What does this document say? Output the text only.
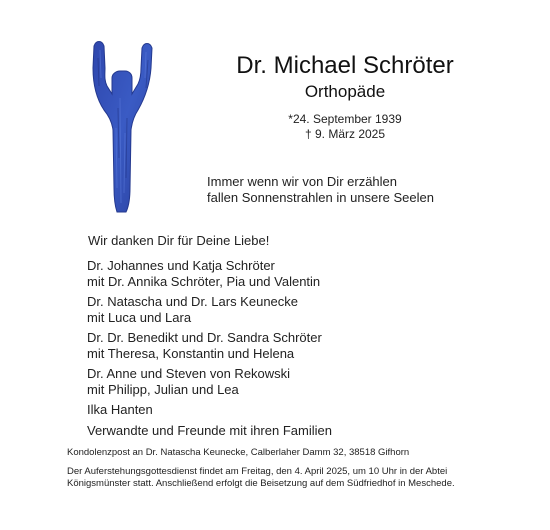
Dr. Michael Schröter
Orthopäde
*24. September 1939
† 9. März 2025
Immer wenn wir von Dir erzählen
fallen Sonnenstrahlen in unsere Seelen
Wir danken Dir für Deine Liebe!
Dr. Johannes und Katja Schröter
mit Dr. Annika Schröter, Pia und Valentin
Dr. Natascha und Dr. Lars Keunecke
mit Luca und Lara
Dr. Dr. Benedikt und Dr. Sandra Schröter
mit Theresa, Konstantin und Helena
Dr. Anne und Steven von Rekowski
mit Philipp, Julian und Lea
Ilka Hanten
Verwandte und Freunde mit ihren Familien
Kondolenzpost an Dr. Natascha Keunecke, Calberlaher Damm 32, 38518 Gifhorn
Der Auferstehungsgottesdienst findet am Freitag, den 4. April 2025, um 10 Uhr in der Abtei
Königsmünster statt. Anschließend erfolgt die Beisetzung auf dem Südfriedhof in Meschede.
